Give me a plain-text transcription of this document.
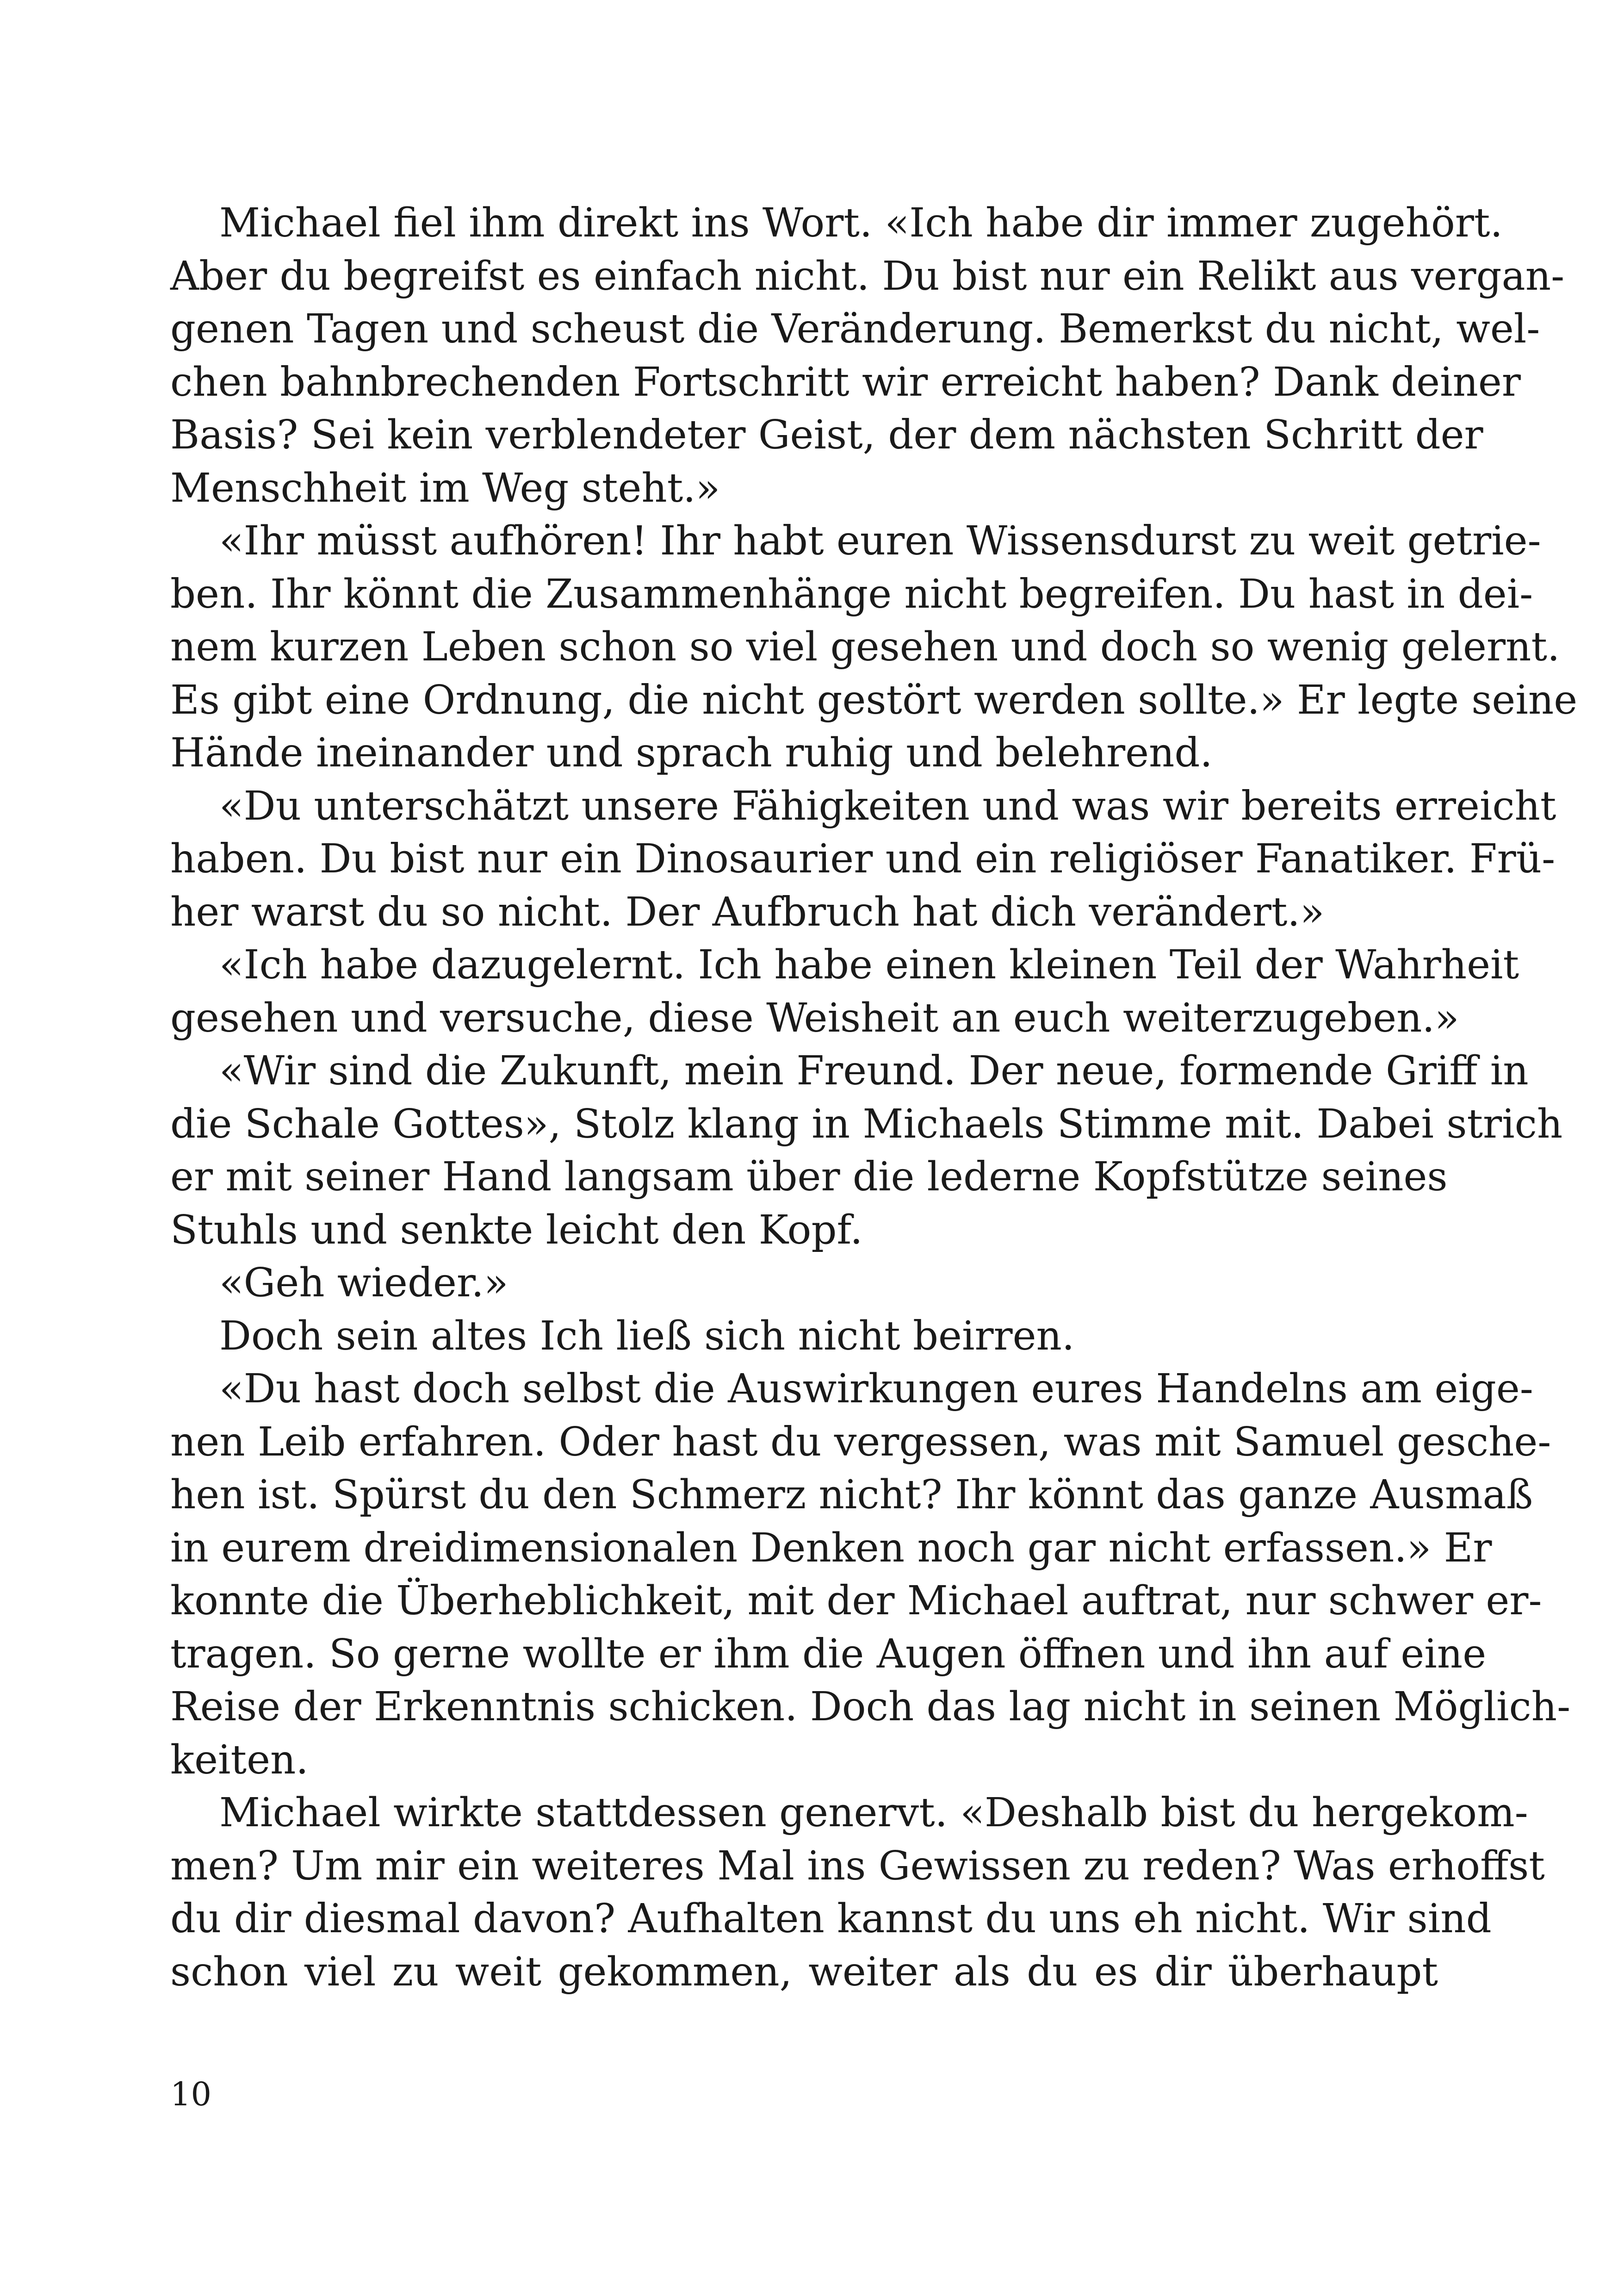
Michael fiel ihm direkt ins Wort. «Ich habe dir immer zugehört.
Aber du begreifst es einfach nicht. Du bist nur ein Relikt aus vergan-
genen Tagen und scheust die Veränderung. Bemerkst du nicht, wel-
chen bahnbrechenden Fortschritt wir erreicht haben? Dank deiner
Basis? Sei kein verblendeter Geist, der dem nächsten Schritt der
Menschheit im Weg steht.»
«Ihr müsst aufhören! Ihr habt euren Wissensdurst zu weit getrie-
ben. Ihr könnt die Zusammenhänge nicht begreifen. Du hast in dei-
nem kurzen Leben schon so viel gesehen und doch so wenig gelernt.
Es gibt eine Ordnung, die nicht gestört werden sollte.» Er legte seine
Hände ineinander und sprach ruhig und belehrend.
«Du unterschätzt unsere Fähigkeiten und was wir bereits erreicht
haben. Du bist nur ein Dinosaurier und ein religiöser Fanatiker. Frü-
her warst du so nicht. Der Aufbruch hat dich verändert.»
«Ich habe dazugelernt. Ich habe einen kleinen Teil der Wahrheit
gesehen und versuche, diese Weisheit an euch weiterzugeben.»
«Wir sind die Zukunft, mein Freund. Der neue, formende Griff in
die Schale Gottes», Stolz klang in Michaels Stimme mit. Dabei strich
er mit seiner Hand langsam über die lederne Kopfstütze seines
Stuhls und senkte leicht den Kopf.
«Geh wieder.»
Doch sein altes Ich ließ sich nicht beirren.
«Du hast doch selbst die Auswirkungen eures Handelns am eige-
nen Leib erfahren. Oder hast du vergessen, was mit Samuel gesche-
hen ist. Spürst du den Schmerz nicht? Ihr könnt das ganze Ausmaß
in eurem dreidimensionalen Denken noch gar nicht erfassen.» Er
konnte die Überheblichkeit, mit der Michael auftrat, nur schwer er-
tragen. So gerne wollte er ihm die Augen öffnen und ihn auf eine
Reise der Erkenntnis schicken. Doch das lag nicht in seinen Möglich-
keiten.
Michael wirkte stattdessen genervt. «Deshalb bist du hergekom-
men? Um mir ein weiteres Mal ins Gewissen zu reden? Was erhoffst
du dir diesmal davon? Aufhalten kannst du uns eh nicht. Wir sind
schon viel zu weit gekommen, weiter als du es dir überhaupt
10
